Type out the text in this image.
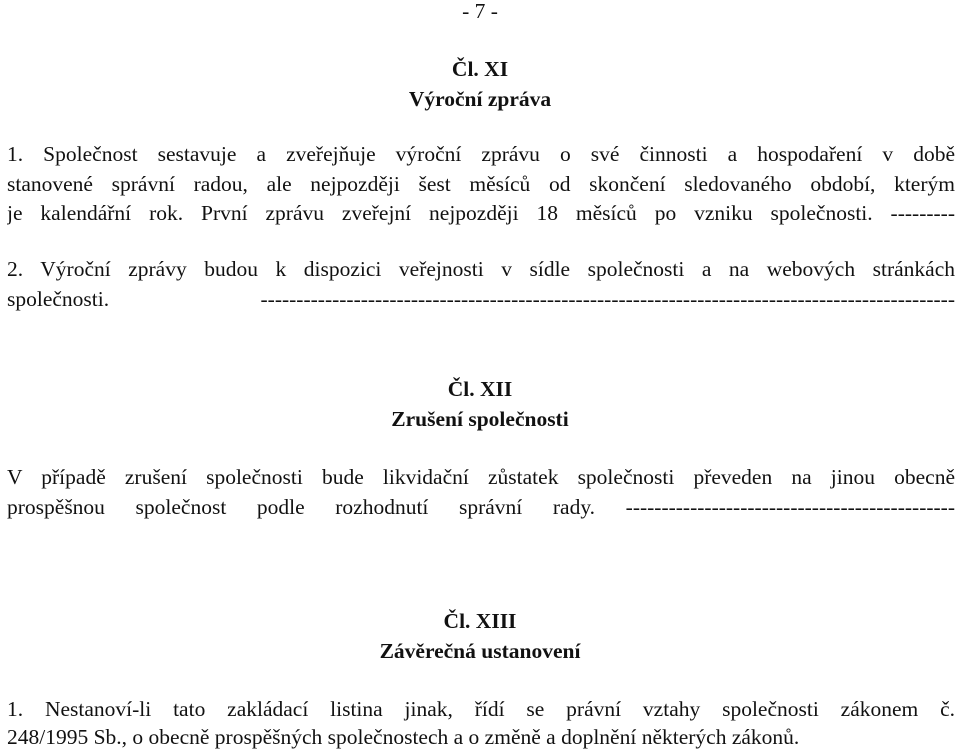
- 7 -
Čl. XI
Výroční zpráva
1. Společnost sestavuje a zveřejňuje výroční zprávu o své činnosti a hospodaření v době
stanovené správní radou, ale nejpozději šest měsíců od skončení sledovaného období, kterým
je kalendářní rok. První zprávu zveřejní nejpozději 18 měsíců po vzniku společnosti. ---------
2. Výroční zprávy budou k dispozici veřejnosti v sídle společnosti a na webových stránkách
společnosti. -------------------------------------------------------------------------------------------------
Čl. XII
Zrušení společnosti
V případě zrušení společnosti bude likvidační zůstatek společnosti převeden na jinou obecně
prospěšnou společnost podle rozhodnutí správní rady. ----------------------------------------------
Čl. XIII
Závěrečná ustanovení
1. Nestanoví-li tato zakládací listina jinak, řídí se právní vztahy společnosti zákonem č.
248/1995 Sb., o obecně prospěšných společnostech a o změně a doplnění některých zákonů.
